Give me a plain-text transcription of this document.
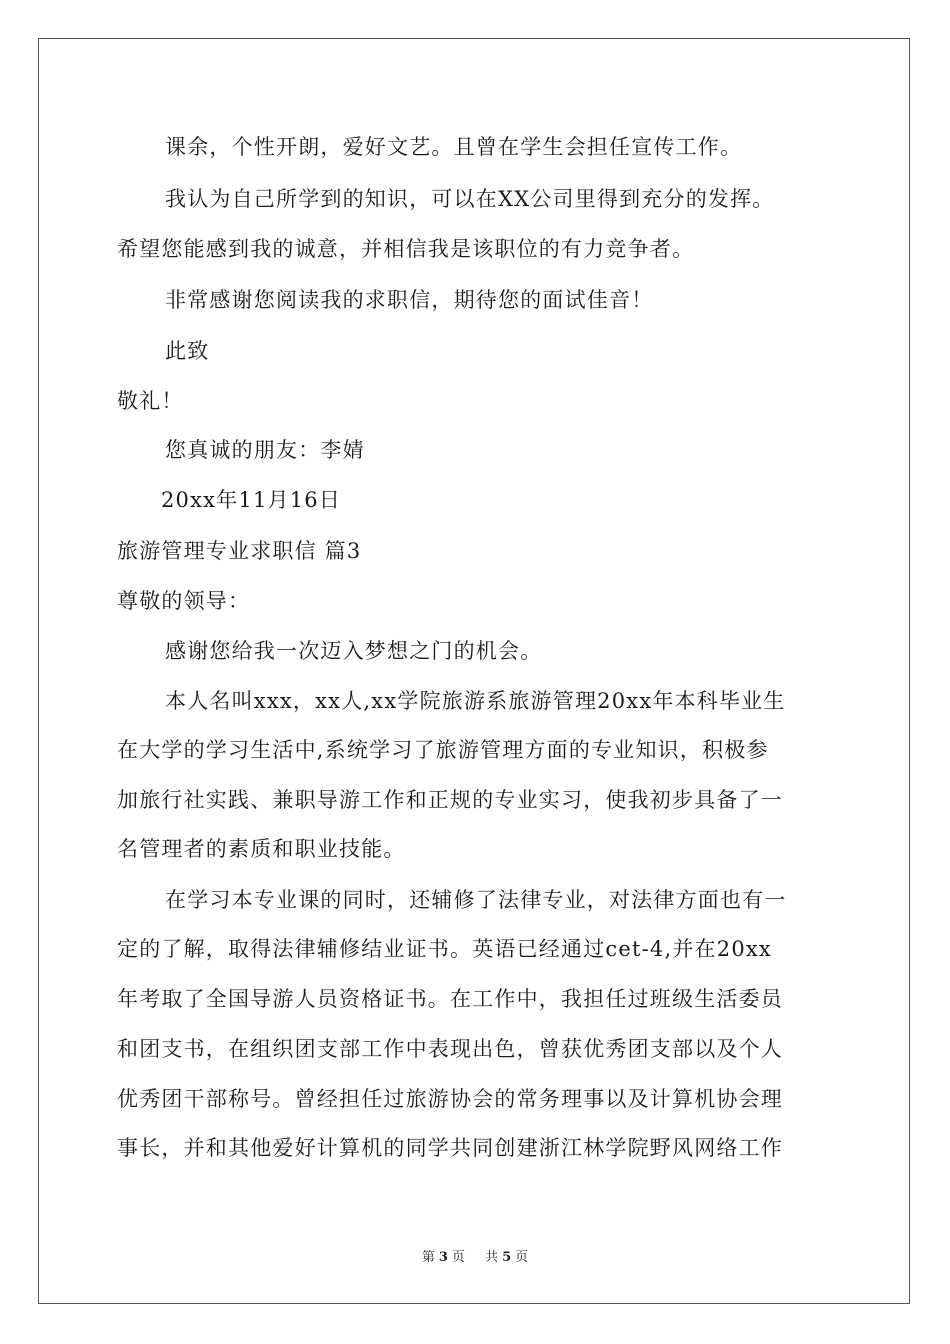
课余，个性开朗，爱好文艺。且曾在学生会担任宣传工作。
我认为自己所学到的知识，可以在XX公司里得到充分的发挥。
希望您能感到我的诚意，并相信我是该职位的有力竞争者。
非常感谢您阅读我的求职信，期待您的面试佳音！
此致
敬礼！
您真诚的朋友：李婧
20xx年11月16日
旅游管理专业求职信 篇3
尊敬的领导：
感谢您给我一次迈入梦想之门的机会。
本人名叫xxx，xx人,xx学院旅游系旅游管理20xx年本科毕业生
在大学的学习生活中,系统学习了旅游管理方面的专业知识，积极参
加旅行社实践、兼职导游工作和正规的专业实习，使我初步具备了一
名管理者的素质和职业技能。
在学习本专业课的同时，还辅修了法律专业，对法律方面也有一
定的了解，取得法律辅修结业证书。英语已经通过cet-4,并在20xx
年考取了全国导游人员资格证书。在工作中，我担任过班级生活委员
和团支书，在组织团支部工作中表现出色，曾获优秀团支部以及个人
优秀团干部称号。曾经担任过旅游协会的常务理事以及计算机协会理
事长，并和其他爱好计算机的同学共同创建浙江林学院野风网络工作
第 3 页 共 5 页
